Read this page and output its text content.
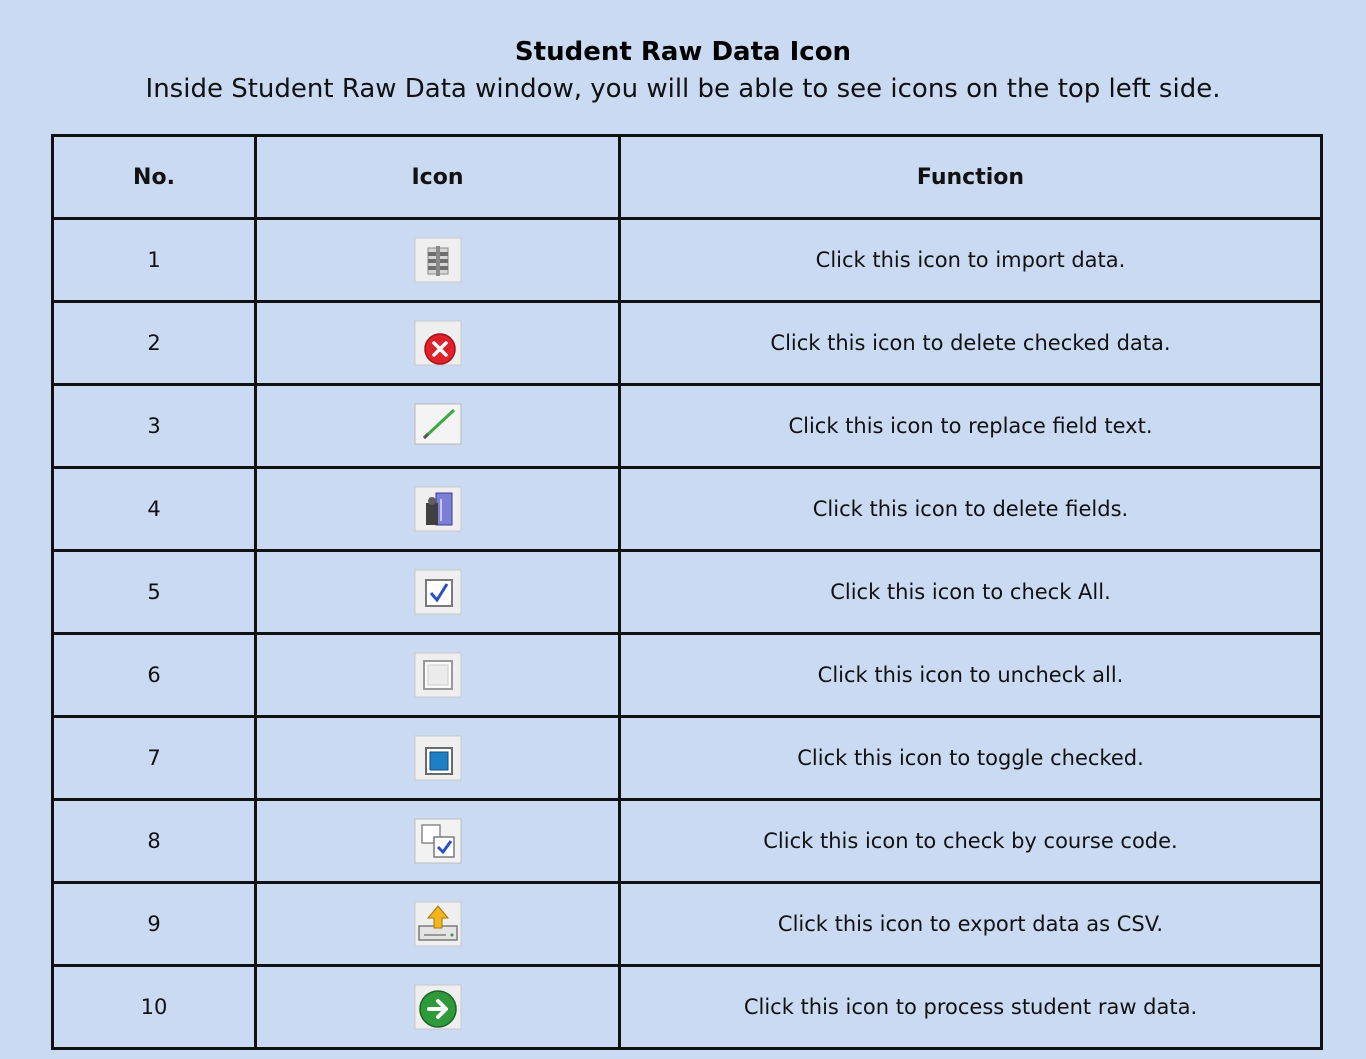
Student Raw Data Icon
Inside Student Raw Data window, you will be able to see icons on the top left side.
No.	Icon	Function
1		Click this icon to import data.
2		Click this icon to delete checked data.
3		Click this icon to replace field text.
4		Click this icon to delete fields.
5		Click this icon to check All.
6		Click this icon to uncheck all.
7		Click this icon to toggle checked.
8		Click this icon to check by course code.
9		Click this icon to export data as CSV.
10		Click this icon to process student raw data.
